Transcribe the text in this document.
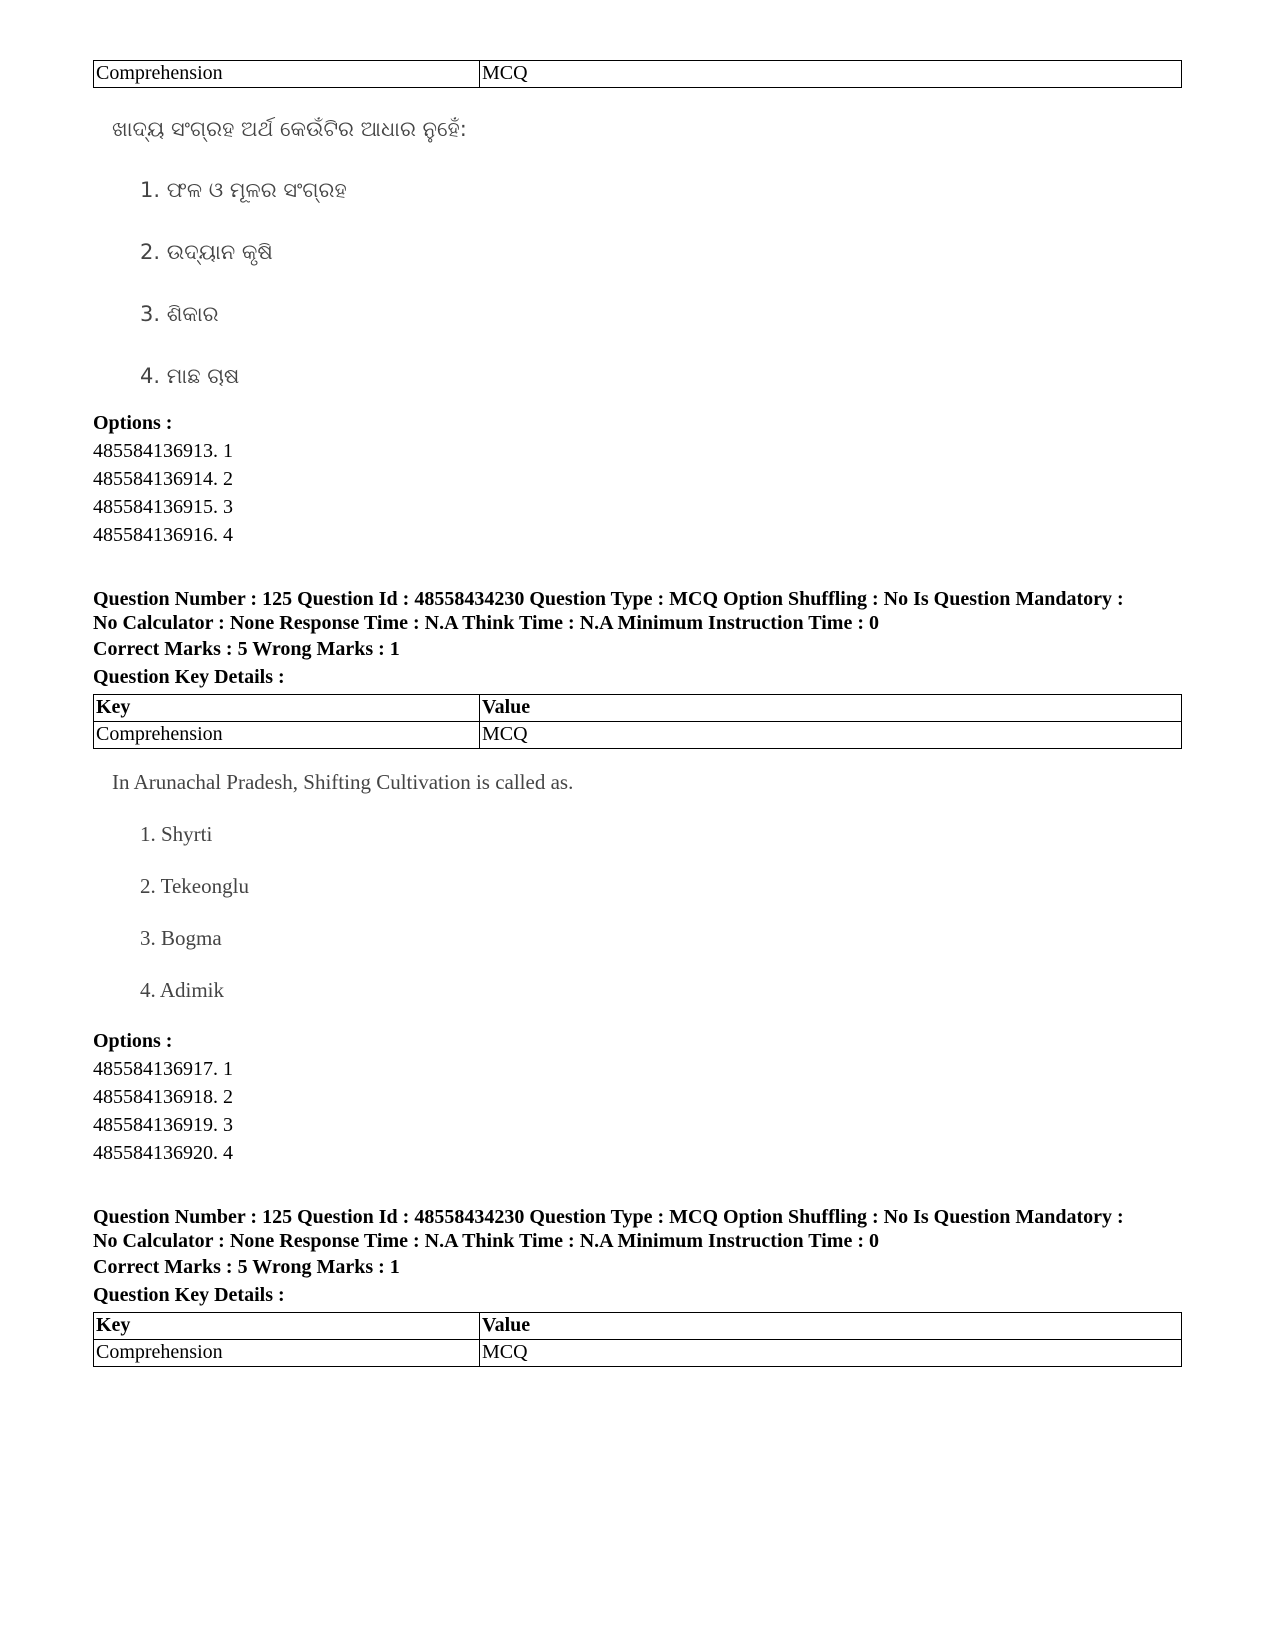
Comprehension	MCQ
ଖାଦ୍ୟ ସଂଗ୍ରହ ଅର୍ଥ କେଉଁଟିର ଆଧାର ନୁହେଁ:
1. ଫଳ ଓ ମୂଳର ସଂଗ୍ରହ
2. ଉଦ୍ୟାନ କୃଷି
3. ଶିକାର
4. ମାଛ ଚାଷ
Options :
485584136913. 1
485584136914. 2
485584136915. 3
485584136916. 4
Question Number : 125 Question Id : 48558434230 Question Type : MCQ Option Shuffling : No Is Question Mandatory :
No Calculator : None Response Time : N.A Think Time : N.A Minimum Instruction Time : 0
Correct Marks : 5 Wrong Marks : 1
Question Key Details :
Key	Value
Comprehension	MCQ
In Arunachal Pradesh, Shifting Cultivation is called as.
1. Shyrti
2. Tekeonglu
3. Bogma
4. Adimik
Options :
485584136917. 1
485584136918. 2
485584136919. 3
485584136920. 4
Question Number : 125 Question Id : 48558434230 Question Type : MCQ Option Shuffling : No Is Question Mandatory :
No Calculator : None Response Time : N.A Think Time : N.A Minimum Instruction Time : 0
Correct Marks : 5 Wrong Marks : 1
Question Key Details :
Key	Value
Comprehension	MCQ
